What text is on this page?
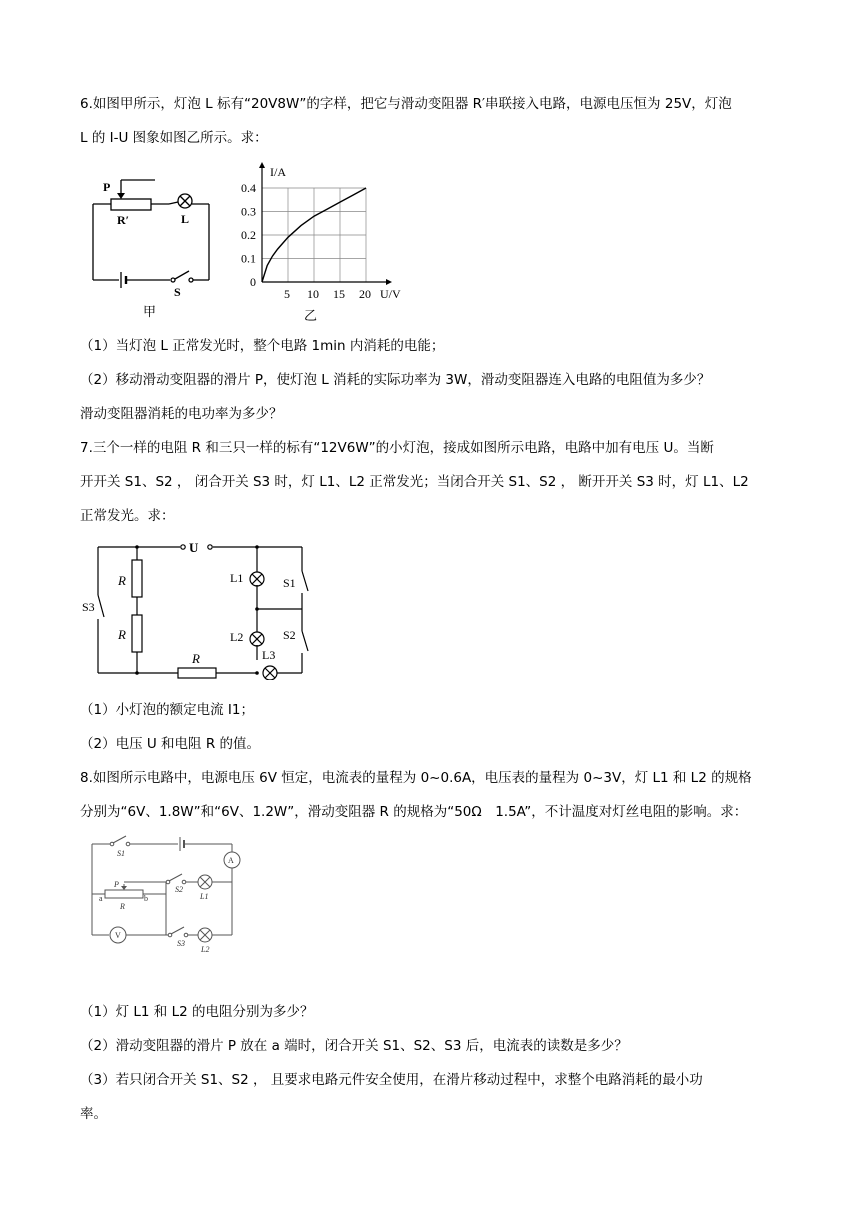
6.如图甲所示，灯泡 L 标有“20V8W”的字样，把它与滑动变阻器 R′串联接入电路，电源电压恒为 25V，灯泡
L 的 I-U 图象如图乙所示。求：
P
R′	L
S
甲
5 10 15 20
0
0.1
0.2
0.3
0.4
I/A
U/V
乙
（1）当灯泡 L 正常发光时，整个电路 1min 内消耗的电能；
（2）移动滑动变阻器的滑片 P，使灯泡 L 消耗的实际功率为 3W，滑动变阻器连入电路的电阻值为多少？
滑动变阻器消耗的电功率为多少？
7.三个一样的电阻 R 和三只一样的标有“12V6W”的小灯泡，接成如图所示电路，电路中加有电压 U。当断
开开关 S1、S2 ， 闭合开关 S3 时，灯 L1、L2 正常发光；当闭合开关 S1、S2 ， 断开开关 S3 时，灯 L1、L2
正常发光。求：
U
R
R
R
L1
L2
L3
S1
S2
S3
（1）小灯泡的额定电流 I1；
（2）电压 U 和电阻 R 的值。
8.如图所示电路中，电源电压 6V 恒定，电流表的量程为 0~0.6A，电压表的量程为 0~3V，灯 L1 和 L2 的规格
分别为“6V、1.8W”和“6V、1.2W”，滑动变阻器 R 的规格为“50Ω　1.5A”，不计温度对灯丝电阻的影响。求：
S1
A
P
a	b
R
S2
L1
V
S3
L2
（1）灯 L1 和 L2 的电阻分别为多少？
（2）滑动变阻器的滑片 P 放在 a 端时，闭合开关 S1、S2、S3 后，电流表的读数是多少？
（3）若只闭合开关 S1、S2 ， 且要求电路元件安全使用，在滑片移动过程中，求整个电路消耗的最小功
率。
